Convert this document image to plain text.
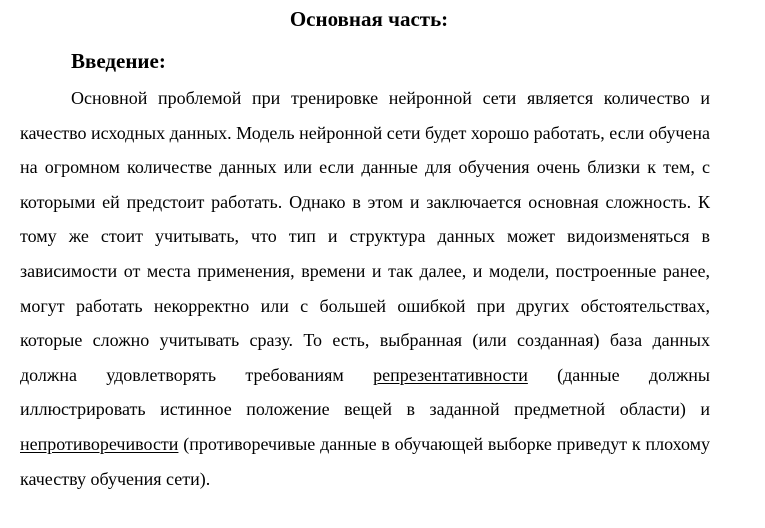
Основная часть:
Введение:

Основной проблемой при тренировке нейронной сети является количество и качество исходных данных. Модель нейронной сети будет хорошо работать, если обучена на огромном количестве данных или если данные для обучения очень близки к тем, с которыми ей предстоит работать. Однако в этом и заключается основная сложность. К тому же стоит учитывать, что тип и структура данных может видоизменяться в зависимости от места применения, времени и так далее, и модели, построенные ранее, могут работать некорректно или с большей ошибкой при других обстоятельствах, которые сложно учитывать сразу. То есть, выбранная (или созданная) база данных должна удовлетворять требованиям репрезентативности (данные должны иллюстрировать истинное положение вещей в заданной предметной области) и непротиворечивости (противоречивые данные в обучающей выборке приведут к плохому качеству обучения сети).
